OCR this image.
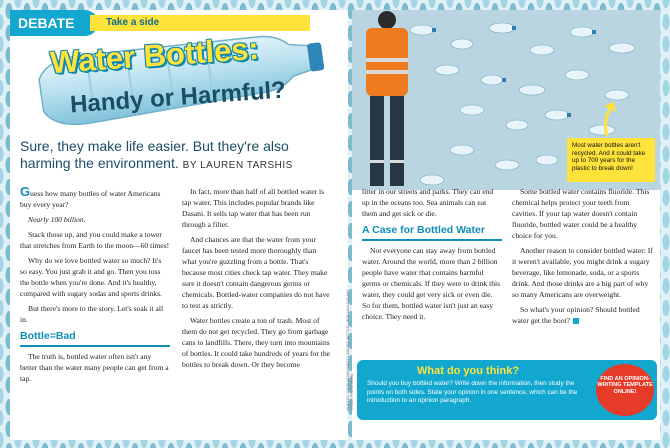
DEBATE	Take a side
Water Bottles:
Handy or Harmful?
Sure, they make life easier. But they're also harming the environment. BY LAUREN TARSHIS

Guess how many bottles of water Americans buy every year?

Nearly 100 billion.

Stack those up, and you could make a tower that stretches from Earth to the moon—60 times!

Why do we love bottled water so much? It's so easy. You just grab it and go. Then you toss the bottle when you're done. And it's healthy, compared with sugary sodas and sports drinks.

But there's more to the story. Let's soak it all in.

Bottle=Bad

The truth is, bottled water often isn't any better than the water many people can get from a tap.

In fact, more than half of all bottled water is tap water. This includes popular brands like Dasani. It sells tap water that has been run through a filter.

And chances are that the water from your faucet has been tested more thoroughly than what you're guzzling from a bottle. That's because most cities check tap water. They make sure it doesn't contain dangerous germs or chemicals. Bottled-water companies do not have to test as strictly.

Water bottles create a ton of trash. Most of them do not get recycled. They go from garbage cans to landfills. There, they turn into mountains of bottles. It could take hundreds of years for the bottles to break down. Or they become	PHOTOS: DAVID MCNEW/GETTY IMAGES (BOTTLE); ROB WALLS/ALAMY STOCK PHOTO (MAN)
Most water bottles aren't recycled. And it could take up to 700 years for the plastic to break down!

litter in our streets and parks. They can end up in the oceans too. Sea animals can eat them and get sick or die.

A Case for Bottled Water

Not everyone can stay away from bottled water. Around the world, more than 2 billion people have water that contains harmful germs or chemicals. If they were to drink this water, they could get very sick or even die. So for them, bottled water isn't just an easy choice. They need it.

Some bottled water contains fluoride. This chemical helps protect your teeth from cavities. If your tap water doesn't contain fluoride, bottled water could be a healthy choice for you.

Another reason to consider bottled water: If it weren't available, you might drink a sugary beverage, like lemonade, soda, or a sports drink. And those drinks are a big part of why so many Americans are overweight.

So what's your opinion? Should bottled water get the boot?

What do you think?
Should you buy bottled water? Write down the information, then study the points on both sides. State your opinion in one sentence, which can be the introduction to an opinion paragraph.
FIND AN OPINION-WRITING TEMPLATE ONLINE!
